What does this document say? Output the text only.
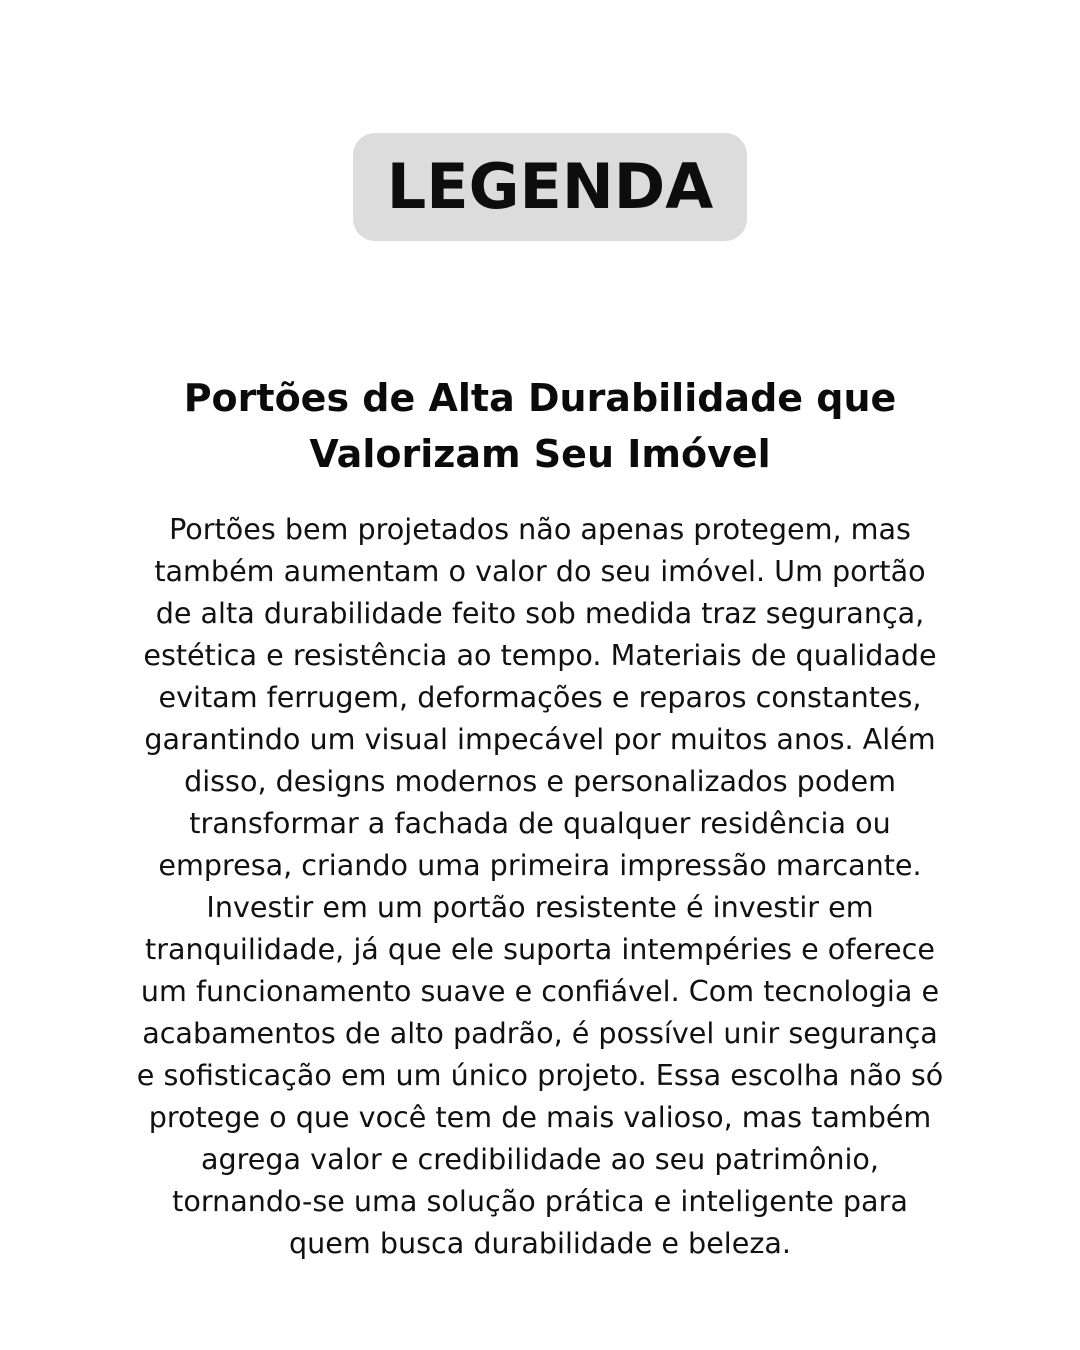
LEGENDA
Portões de Alta Durabilidade que
Valorizam Seu Imóvel

Portões bem projetados não apenas protegem, mas
também aumentam o valor do seu imóvel. Um portão
de alta durabilidade feito sob medida traz segurança,
estética e resistência ao tempo. Materiais de qualidade
evitam ferrugem, deformações e reparos constantes,
garantindo um visual impecável por muitos anos. Além
disso, designs modernos e personalizados podem
transformar a fachada de qualquer residência ou
empresa, criando uma primeira impressão marcante.
Investir em um portão resistente é investir em
tranquilidade, já que ele suporta intempéries e oferece
um funcionamento suave e confiável. Com tecnologia e
acabamentos de alto padrão, é possível unir segurança
e sofisticação em um único projeto. Essa escolha não só
protege o que você tem de mais valioso, mas também
agrega valor e credibilidade ao seu patrimônio,
tornando-se uma solução prática e inteligente para
quem busca durabilidade e beleza.
